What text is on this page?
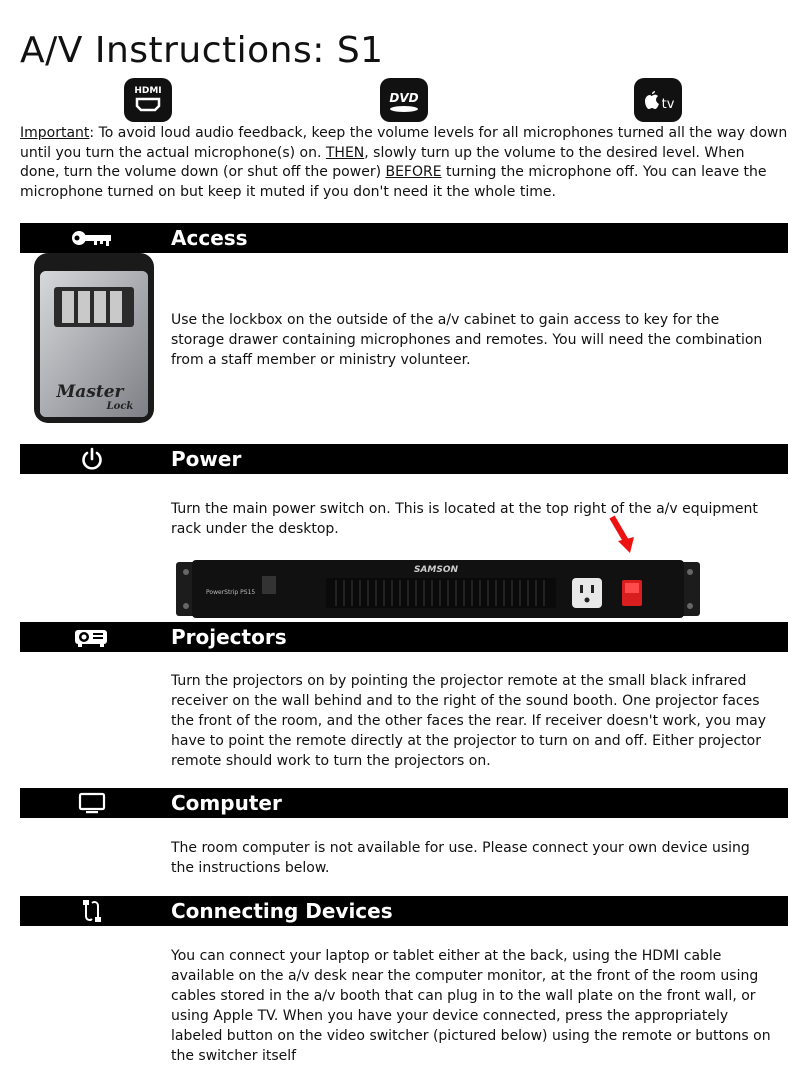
A/V Instructions: S1
HDMI	DVD	tv
Important: To avoid loud audio feedback, keep the volume levels for all microphones turned all the way down until you turn the actual microphone(s) on. THEN, slowly turn up the volume to the desired level. When done, turn the volume down (or shut off the power) BEFORE turning the microphone off. You can leave the microphone turned on but keep it muted if you don't need it the whole time.
Access
Master
Lock
Use the lockbox on the outside of the a/v cabinet to gain access to key for the storage drawer containing microphones and remotes. You will need the combination from a staff member or ministry volunteer.
Power
Turn the main power switch on. This is located at the top right of the a/v equipment rack under the desktop.
PowerStrip PS15
SAMSON
Projectors
Turn the projectors on by pointing the projector remote at the small black infrared receiver on the wall behind and to the right of the sound booth. One projector faces the front of the room, and the other faces the rear. If receiver doesn't work, you may have to point the remote directly at the projector to turn on and off. Either projector remote should work to turn the projectors on.
Computer
The room computer is not available for use. Please connect your own device using the instructions below.
Connecting Devices
You can connect your laptop or tablet either at the back, using the HDMI cable available on the a/v desk near the computer monitor, at the front of the room using cables stored in the a/v booth that can plug in to the wall plate on the front wall, or using Apple TV. When you have your device connected, press the appropriately labeled button on the video switcher (pictured below) using the remote or buttons on the switcher itself
